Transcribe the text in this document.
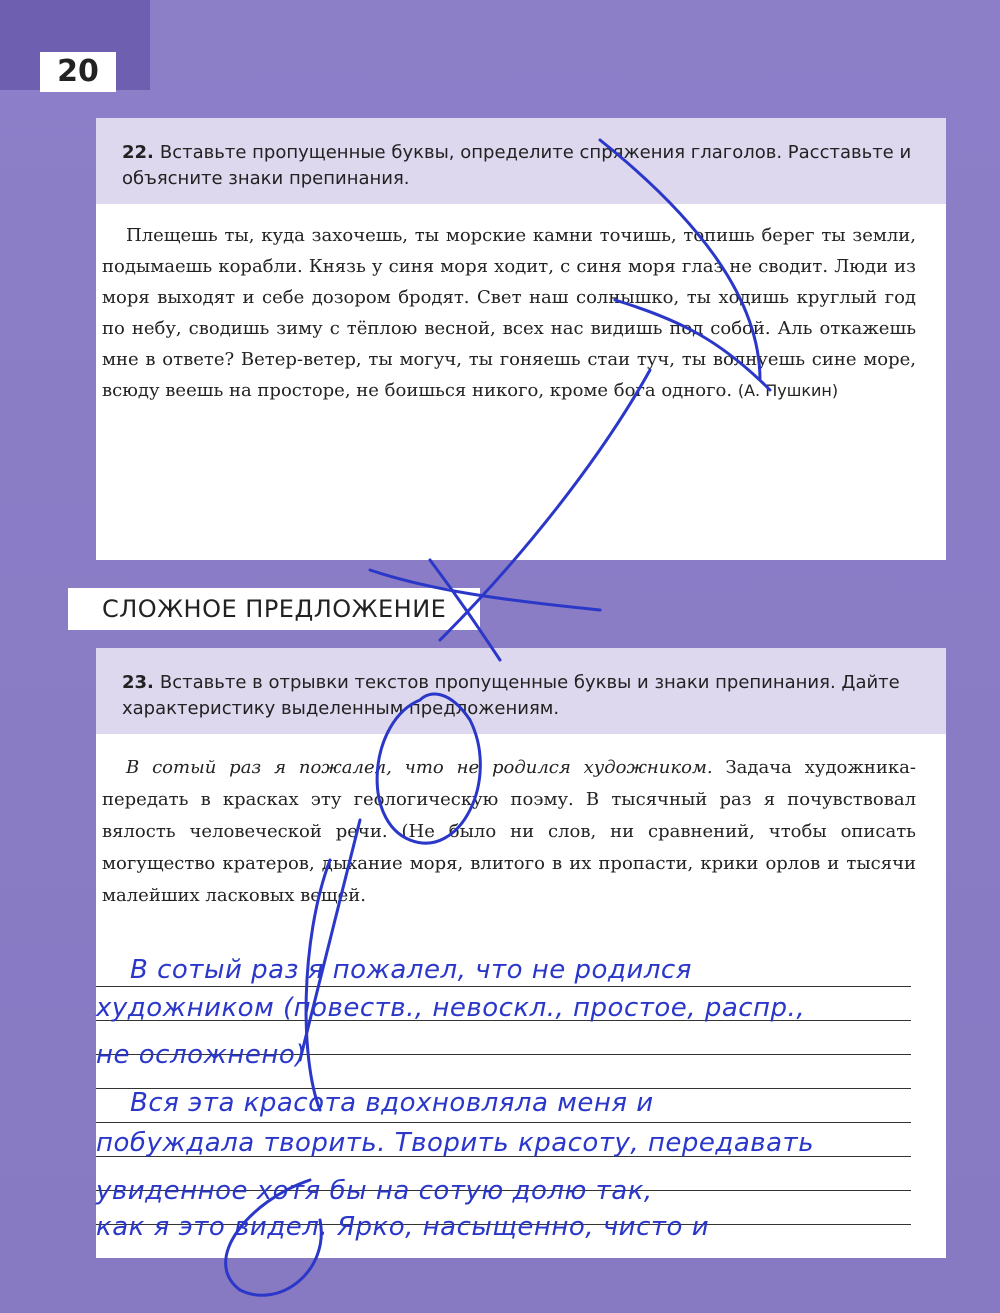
20
22. Вставьте пропущенные буквы, определите спряжения глаголов. Расставьте и объясните знаки препинания.

Плещешь ты, куда захочешь, ты морские камни точишь, топишь берег ты земли, подымаешь корабли. Князь у синя моря ходит, с синя моря глаз не сводит. Люди из моря выходят и себе дозором бродят. Свет наш солнышко, ты ходишь круглый год по небу, сводишь зиму с тёплою весной, всех нас видишь под собой. Аль откажешь мне в ответе? Ветер-ветер, ты могуч, ты гоняешь стаи туч, ты волнуешь сине море, всюду веешь на просторе, не боишься никого, кроме бога одного. (А. Пушкин)

СЛОЖНОЕ ПРЕДЛОЖЕНИЕ
23. Вставьте в отрывки текстов пропущенные буквы и знаки препинания. Дайте характеристику выделенным предложениям.

В сотый раз я пожалел, что не родился художником. Задача художника-передать в красках эту геологическую поэму. В тысячный раз я почувствовал вялость человеческой речи. (Не было ни слов, ни сравнений, чтобы описать могущество кратеров, дыхание моря, влитого в их пропасти, крики орлов и тысячи малейших ласковых вещей.

В сотый раз я пожалел, что не родился
художником (повеств., невоскл., простое, распр.,
не осложнено)
Вся эта красота вдохновляла меня и
побуждала творить. Творить красоту, передавать
увиденное хотя бы на сотую долю так,
как я это видел. Ярко, насыщенно, чисто и
